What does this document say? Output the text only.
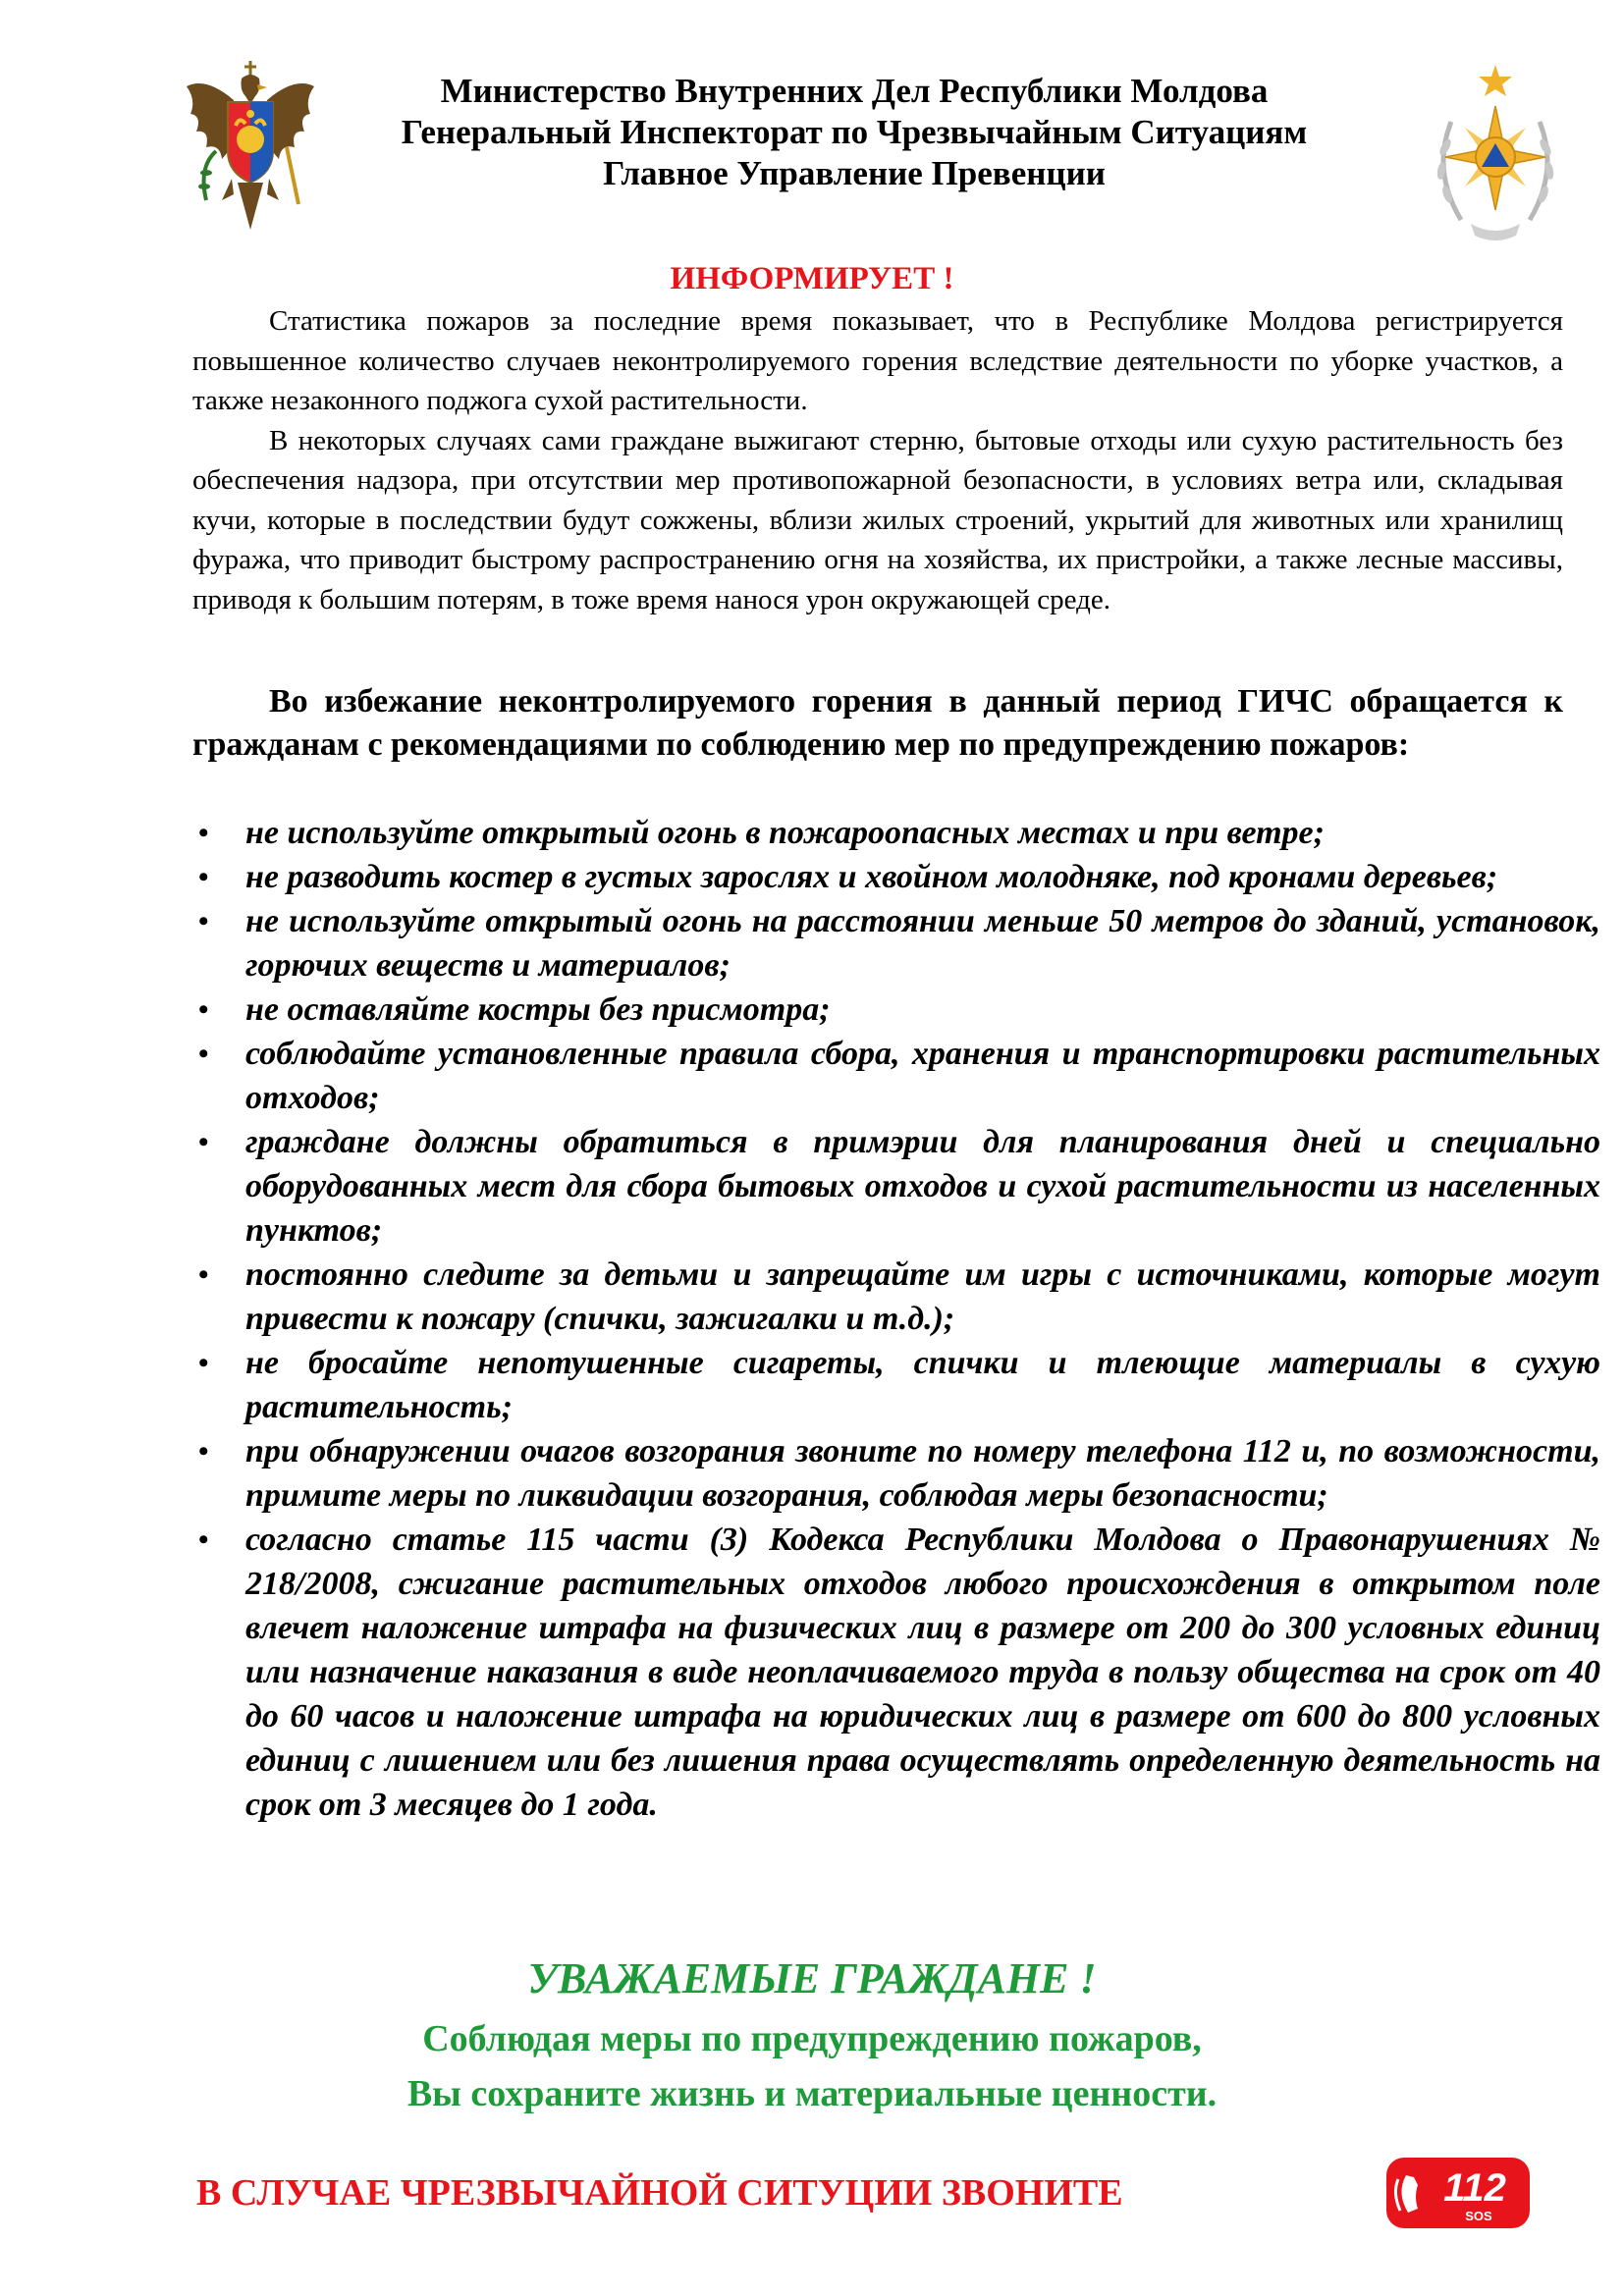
Министерство Внутренних Дел Республики Молдова
Генеральный Инспекторат по Чрезвычайным Ситуациям
Главное Управление Превенции
ИНФОРМИРУЕТ !

Статистика пожаров за последние время показывает, что в Республике Молдова регистрируется повышенное количество случаев неконтролируемого горения вследствие деятельности по уборке участков, а также незаконного поджога сухой растительности.

В некоторых случаях сами граждане выжигают стерню, бытовые отходы или сухую растительность без обеспечения надзора, при отсутствии мер противопожарной безопасности, в условиях ветра или, складывая кучи, которые в последствии будут сожжены, вблизи жилых строений, укрытий для животных или хранилищ фуража, что приводит быстрому распространению огня на хозяйства, их пристройки, а также лесные массивы, приводя к большим потерям, в тоже время нанося урон окружающей среде.

Во избежание неконтролируемого горения в данный период ГИЧС обращается к гражданам с рекомендациями по соблюдению мер по предупреждению пожаров:

• не используйте открытый огонь в пожароопасных местах и при ветре;
• не разводить костер в густых зарослях и хвойном молодняке, под кронами деревьев;
• не используйте открытый огонь на расстоянии меньше 50 метров до зданий, установок, горючих веществ и материалов;
• не оставляйте костры без присмотра;
• соблюдайте установленные правила сбора, хранения и транспортировки растительных отходов;
• граждане должны обратиться в примэрии для планирования дней и специально оборудованных мест для сбора бытовых отходов и сухой растительности из населенных пунктов;
• постоянно следите за детьми и запрещайте им игры с источниками, которые могут привести к пожару (спички, зажигалки и т.д.);
• не бросайте непотушенные сигареты, спички и тлеющие материалы в сухую растительность;
• при обнаружении очагов возгорания звоните по номеру телефона 112 и, по возможности, примите меры по ликвидации возгорания, соблюдая меры безопасности;
• согласно статье 115 части (3) Кодекса Республики Молдова о Правонарушениях № 218/2008, сжигание растительных отходов любого происхождения в открытом поле влечет наложение штрафа на физических лиц в размере от 200 до 300 условных единиц или назначение наказания в виде неоплачиваемого труда в пользу общества на срок от 40 до 60 часов и наложение штрафа на юридических лиц в размере от 600 до 800 условных единиц с лишением или без лишения права осуществлять определенную деятельность на срок от 3 месяцев до 1 года.
УВАЖАЕМЫЕ ГРАЖДАНЕ !
Соблюдая меры по предупреждению пожаров,
Вы сохраните жизнь и материальные ценности.
В СЛУЧАЕ ЧРЕЗВЫЧАЙНОЙ СИТУЦИИ ЗВОНИТЕ	112
SOS
